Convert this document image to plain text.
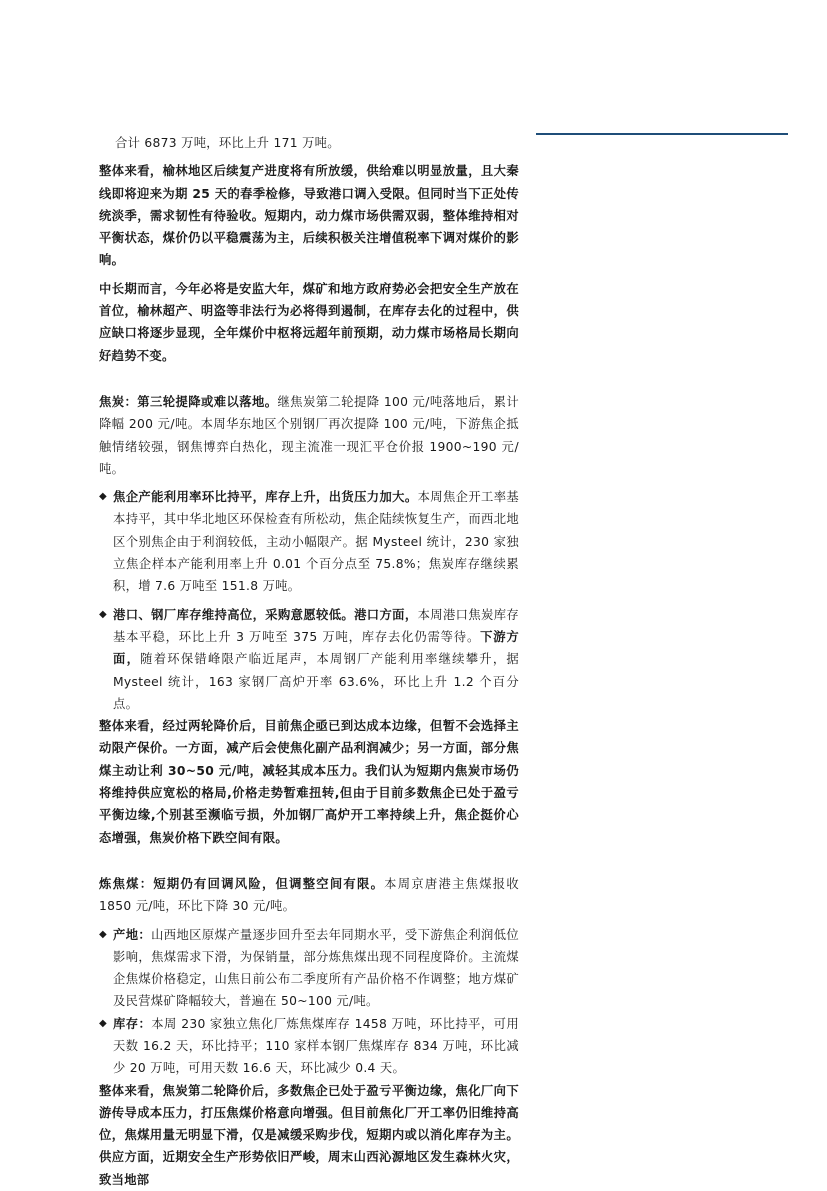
合计 6873 万吨，环比上升 171 万吨。

整体来看，榆林地区后续复产进度将有所放缓，供给难以明显放量，且大秦线即将迎来为期 25 天的春季检修，导致港口调入受限。但同时当下正处传统淡季，需求韧性有待验收。短期内，动力煤市场供需双弱，整体维持相对平衡状态，煤价仍以平稳震荡为主，后续积极关注增值税率下调对煤价的影响。

中长期而言，今年必将是安监大年，煤矿和地方政府势必会把安全生产放在首位，榆林超产、明盗等非法行为必将得到遏制，在库存去化的过程中，供应缺口将逐步显现，全年煤价中枢将远超年前预期，动力煤市场格局长期向好趋势不变。

焦炭：第三轮提降或难以落地。继焦炭第二轮提降 100 元/吨落地后，累计降幅 200 元/吨。本周华东地区个别钢厂再次提降 100 元/吨，下游焦企抵触情绪较强，钢焦博弈白热化，现主流准一现汇平仓价报 1900~190 元/吨。

◆ 焦企产能利用率环比持平，库存上升，出货压力加大。本周焦企开工率基本持平，其中华北地区环保检查有所松动，焦企陆续恢复生产，而西北地区个别焦企由于利润较低，主动小幅限产。据 Mysteel 统计，230 家独立焦企样本产能利用率上升 0.01 个百分点至 75.8%；焦炭库存继续累积，增 7.6 万吨至 151.8 万吨。

◆ 港口、钢厂库存维持高位，采购意愿较低。港口方面，本周港口焦炭库存基本平稳，环比上升 3 万吨至 375 万吨，库存去化仍需等待。下游方面，随着环保错峰限产临近尾声，本周钢厂产能利用率继续攀升，据 Mysteel 统计，163 家钢厂高炉开率 63.6%，环比上升 1.2 个百分点。

整体来看，经过两轮降价后，目前焦企亟已到达成本边缘，但暂不会选择主动限产保价。一方面，减产后会使焦化副产品利润减少；另一方面，部分焦煤主动让利 30~50 元/吨，减轻其成本压力。我们认为短期内焦炭市场仍将维持供应宽松的格局,价格走势暂难扭转,但由于目前多数焦企已处于盈亏平衡边缘,个别甚至濒临亏损，外加钢厂高炉开工率持续上升，焦企挺价心态增强，焦炭价格下跌空间有限。

炼焦煤：短期仍有回调风险，但调整空间有限。本周京唐港主焦煤报收 1850 元/吨，环比下降 30 元/吨。

◆ 产地：山西地区原煤产量逐步回升至去年同期水平，受下游焦企利润低位影响，焦煤需求下滑，为保销量，部分炼焦煤出现不同程度降价。主流煤企焦煤价格稳定，山焦日前公布二季度所有产品价格不作调整；地方煤矿及民营煤矿降幅较大，普遍在 50~100 元/吨。

◆ 库存：本周 230 家独立焦化厂炼焦煤库存 1458 万吨，环比持平，可用天数 16.2 天，环比持平；110 家样本钢厂焦煤库存 834 万吨，环比减少 20 万吨，可用天数 16.6 天，环比减少 0.4 天。

整体来看，焦炭第二轮降价后，多数焦企已处于盈亏平衡边缘，焦化厂向下游传导成本压力，打压焦煤价格意向增强。但目前焦化厂开工率仍旧维持高位，焦煤用量无明显下滑，仅是减缓采购步伐，短期内或以消化库存为主。供应方面，近期安全生产形势依旧严峻，周末山西沁源地区发生森林火灾，致当地部
